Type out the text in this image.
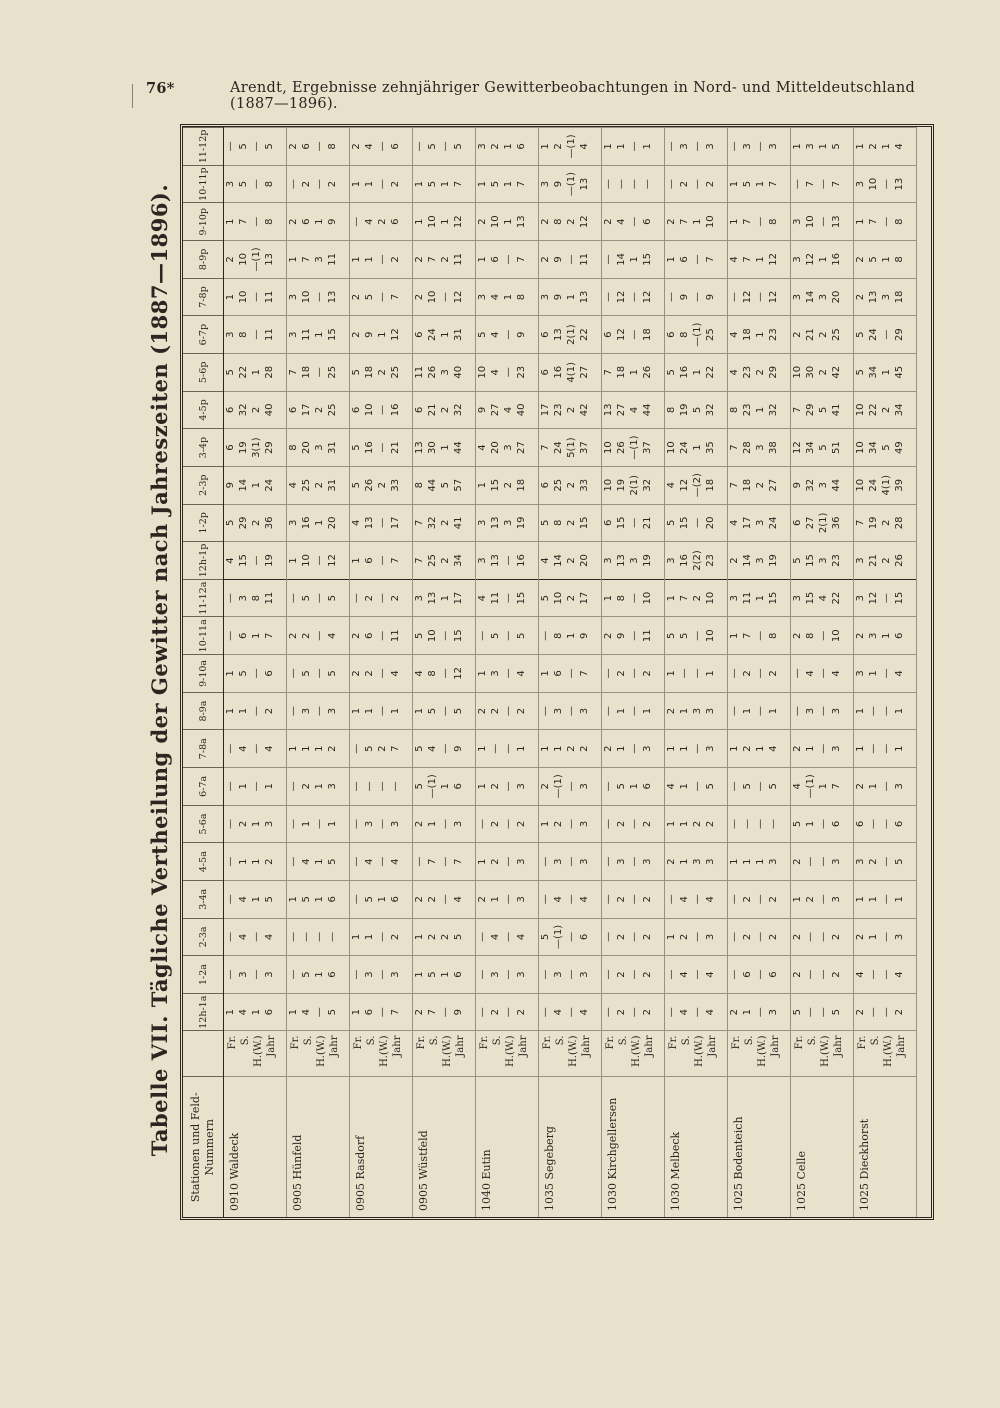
76*	Arendt, Ergebnisse zehnjähriger Gewitterbeobachtungen in Nord- und Mitteldeutschland (1887—1896).
Tabelle VII. Tägliche Vertheilung der Gewitter nach Jahreszeiten (1887—1896).	Stationen und Feld-Nummern		12h-1a	1-2a	2-3a	3-4a	4-5a	5-6a	6-7a	7-8a	8-9a	9-10a	10-11a	11-12a	12h-1p	1-2p	2-3p	3-4p	4-5p	5-6p	6-7p	7-8p	8-9p	9-10p	10-11p	11-12p
0910 Waldeck	Fr. S. H.(W.) Jahr	1 4 1 6	— 3 — 3	— 4 — 4	— 4 1 5	— 1 1 2	— 2 1 3	— 1 — 1	— 4 — 4	1 1 — 2	1 5 — 6	— 6 1 7	— 3 8 11	4 15 — 19	5 29 2 36	9 14 1 24	6 19 3(1) 29	6 32 2 40	5 22 1 28	3 8 — 11	1 10 — 11	2 10 —(1) 13	1 7 — 8	3 5 — 8	— 5 — 5

0905 Hünfeld	Fr. S. H.(W.) Jahr	1 4 — 5	— 5 1 6	— — — —	1 5 1 6	— 4 1 5	— 1 — 1	— 2 1 3	1 1 1 2	— 3 — 3	— 5 — 5	2 2 — 4	— 5 — 5	1 10 — 12	3 16 1 20	4 25 2 31	8 20 3 31	6 17 2 25	7 18 — 25	3 11 1 15	3 10 — 13	1 7 3 11	2 6 1 9	— 2 — 2	2 6 — 8

0905 Rasdorf	Fr. S. H.(W.) Jahr	1 6 — 7	— 3 — 3	1 1 — 2	— 5 1 6	— 4 — 4	— 3 — 3	— — — —	— 5 2 7	1 1 — 1	2 2 — 4	2 6 — 11	— 2 — 2	1 6 — 7	4 13 — 17	5 26 2 33	5 16 — 21	6 10 — 16	5 18 2 25	2 9 1 12	2 5 — 7	1 1 — 2	— 4 2 6	1 1 — 2	2 4 — 6

0905 Wüstfeld	Fr. S. H.(W.) Jahr	2 7 — 9	1 5 1 6	1 2 2 5	2 2 — 4	— 7 — 7	2 1 — 3	5 —(1) 1 6	5 4 — 9	1 5 — 5	4 8 — 12	5 10 — 15	3 13 1 17	7 25 2 34	7 32 2 41	8 44 5 57	13 30 1 44	6 21 2 32	11 26 3 40	6 24 1 31	2 10 — 12	2 7 2 11	1 10 1 12	1 5 1 7	— 5 — 5

1040 Eutin	Fr. S. H.(W.) Jahr	— 2 — 2	— 3 — 3	— 4 — 4	2 1 — 3	1 2 — 3	— 2 — 2	1 2 — 3	1 — — 1	2 2 — 2	1 3 — 4	— 5 — 5	4 11 — 15	3 13 — 16	3 13 3 19	1 15 2 18	4 20 3 27	9 27 4 40	10 4 — 23	5 4 — 9	3 4 1 8	1 6 — 7	2 10 1 13	1 5 1 7	3 2 1 6

1035 Segeberg	Fr. S. H.(W.) Jahr	— 4 — 4	— 3 — 3	5 —(1) — 6	— 4 — 4	— 3 — 3	1 2 — 3	2 —(1) — 3	1 1 2 2	— 3 — 3	1 6 — 7	— 8 1 9	5 10 2 17	4 14 2 20	5 8 2 15	6 25 2 33	7 24 5(1) 37	17 23 2 42	6 16 4(1) 27	6 13 2(1) 22	3 9 1 13	2 9 — 11	2 8 2 12	3 9 —(1) 13	1 2 —(1) 4

1030 Kirchgellersen	Fr. S. H.(W.) Jahr	— 2 — 2	— 2 — 2	— 2 — 2	— 2 — 2	— 3 — 3	— 2 — 2	— 5 1 6	2 1 — 3	— 1 — 1	— 2 — 2	2 9 — 11	1 8 — 10	3 13 3 19	6 15 — 21	10 19 2(1) 32	10 26 —(1) 37	13 27 4 44	7 18 1 26	6 12 — 18	— 12 — 12	— 14 1 15	2 4 — 6	— — — —	1 1 — 1

1030 Melbeck	Fr. S. H.(W.) Jahr	— 4 — 4	— 4 — 4	1 2 — 3	— 4 — 4	2 1 3 3	1 1 2 2	4 1 — 5	1 1 — 3	2 1 3 3	1 — — 1	5 5 — 10	1 7 2 10	3 16 2(2) 23	5 15 — 20	4 12 —(2) 18	10 24 1 35	8 19 5 32	5 16 1 22	6 8 —(1) 25	— 9 — 9	1 6 — 7	2 7 1 10	— 2 — 2	— 3 — 3

1025 Bodenteich	Fr. S. H.(W.) Jahr	2 1 — 3	— 6 — 6	— 2 — 2	— 2 — 2	1 1 1 3	— — — —	— 5 — 5	1 2 1 4	— 1 — 1	— 2 — 2	1 7 — 8	3 11 1 15	2 14 3 19	4 17 3 24	7 18 2 27	7 28 3 38	8 23 1 32	4 23 2 29	4 18 1 23	— 12 — 12	4 7 1 12	1 7 — 8	1 5 1 7	— 3 — 3

1025 Celle	Fr. S. H.(W.) Jahr	5 — — 5	2 — — 2	2 — — 2	1 2 — 3	2 — — 3	5 1 — 6	4 —(1) 1 7	2 1 — 3	— 3 — 3	— 4 — 4	2 8 — 10	3 15 4 22	5 15 3 23	6 27 2(1) 36	9 32 3 44	12 34 5 51	7 29 5 41	10 30 2 42	2 21 2 25	3 14 3 20	3 12 1 16	3 10 — 13	— 7 — 7	1 3 1 5

1025 Dieckhorst	Fr. S. H.(W.) Jahr	2 — — 2	4 — — 4	2 1 — 3	1 1 — 1	3 2 — 5	6 — — 6	2 1 — 3	1 — — 1	1 — — 1	3 1 — 4	2 3 1 6	3 12 — 15	3 21 2 26	7 19 2 28	10 24 4(1) 39	10 34 5 49	10 22 2 34	5 34 1 45	5 24 — 29	2 13 3 18	2 5 1 8	1 7 — 8	3 10 — 13	1 2 1 4
